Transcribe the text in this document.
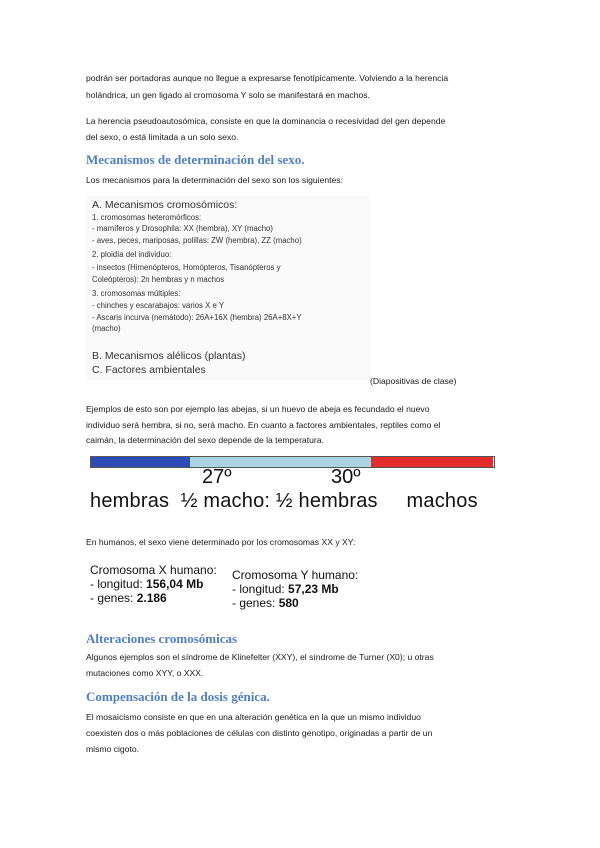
podrán ser portadoras aunque no llegue a expresarse fenotípicamente. Volviendo a la herencia
holándrica, un gen ligado al cromosoma Y solo se manifestará en machos.
La herencia pseudoautosómica, consiste en que la dominancia o recesividad del gen depende
del sexo, o está limitada a un solo sexo.
Mecanismos de determinación del sexo.
Los mecanismos para la determinación del sexo son los siguientes:
A. Mecanismos cromosómicos:
1. cromosomas heteromórficos:
- mamíferos y Drosophila: XX (hembra), XY (macho)
- aves, peces, mariposas, polillas: ZW (hembra), ZZ (macho)
2. ploidía del individuo:
- insectos (Himenópteros, Homópteros, Tisanópteros y
Coleópteros): 2n hembras y n machos
3. cromosomas múltiples:
- chinches y escarabajos: varios X e Y
- Ascaris incurva (nemátodo): 26A+16X (hembra) 26A+8X+Y
(macho)
B. Mecanismos alélicos (plantas)
C. Factores ambientales
(Diapositivas de clase)
Ejemplos de esto son por ejemplo las abejas, si un huevo de abeja es fecundado el nuevo
individuo será hembra, si no, será macho. En cuanto a factores ambientales, reptiles como el
caimán, la determinación del sexo depende de la temperatura.
27º	30º
hembras  ½ macho: ½ hembras     machos
En humanos, el sexo viene determinado por los cromosomas XX y XY:
Cromosoma X humano:
- longitud: 156,04 Mb
- genes: 2.186
Cromosoma Y humano:
- longitud: 57,23 Mb
- genes: 580
Alteraciones cromosómicas
Algunos ejemplos son el síndrome de Klinefelter (XXY), el síndrome de Turner (X0); u otras
mutaciones como XYY, o XXX.
Compensación de la dosis génica.
El mosaicismo consiste en que en una alteración genética en la que un mismo individuo
coexisten dos o más poblaciones de células con distinto genotipo, originadas a partir de un
mismo cigoto.
